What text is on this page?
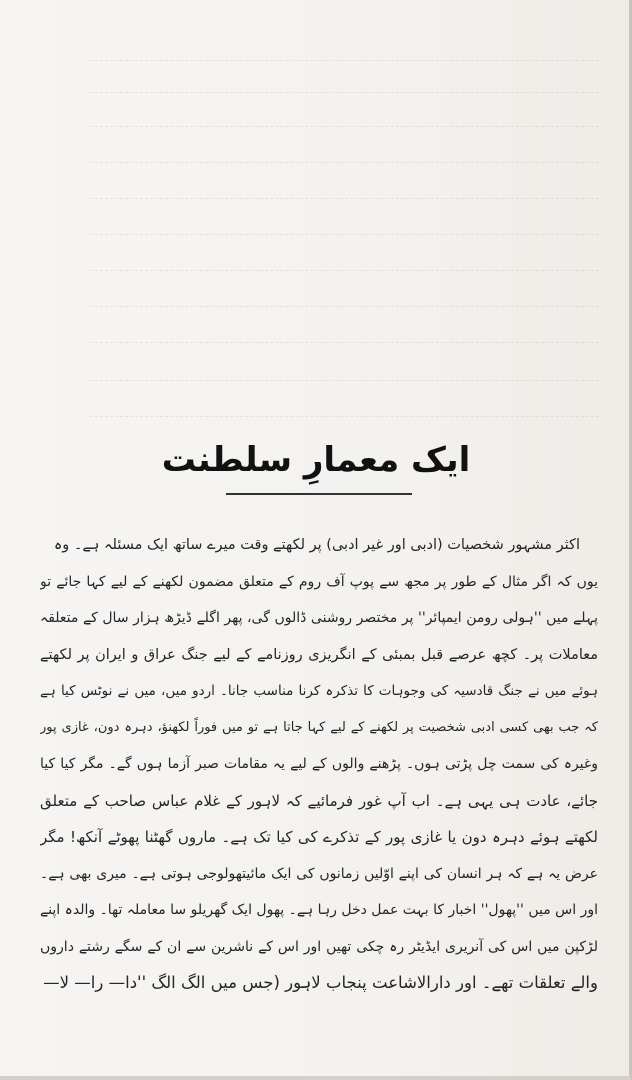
ایک معمارِ سلطنت
اکثر مشہور شخصیات (ادبی اور غیر ادبی) پر لکھتے وقت میرے ساتھ ایک مسئلہ ہے۔ وہ
یوں کہ اگر مثال کے طور پر مجھ سے پوپ آف روم کے متعلق مضمون لکھنے کے لیے کہا جائے تو
پہلے میں ''ہولی رومن ایمپائر'' پر مختصر روشنی ڈالوں گی، پھر اگلے ڈیڑھ ہزار سال کے متعلقہ
معاملات پر۔ کچھ عرصے قبل بمبئی کے انگریزی روزنامے کے لیے جنگ عراق و ایران پر لکھتے
ہوئے میں نے جنگ قادسیہ کی وجوہات کا تذکرہ کرنا مناسب جانا۔ اردو میں، میں نے نوٹس کیا ہے
کہ جب بھی کسی ادبی شخصیت پر لکھنے کے لیے کہا جاتا ہے تو میں فوراً لکھنؤ، دہرہ دون، غازی پور
وغیرہ کی سمت چل پڑتی ہوں۔ پڑھنے والوں کے لیے یہ مقامات صبر آزما ہوں گے۔ مگر کیا کیا
جائے، عادت ہی یہی ہے۔ اب آپ غور فرمائیے کہ لاہور کے غلام عباس صاحب کے متعلق
لکھتے ہوئے دہرہ دون یا غازی پور کے تذکرے کی کیا تک ہے۔ ماروں گھٹنا پھوٹے آنکھ! مگر
عرض یہ ہے کہ ہر انسان کی اپنے اوّلیں زمانوں کی ایک مائیتھولوجی ہوتی ہے۔ میری بھی ہے۔
اور اس میں ''پھول'' اخبار کا بہت عمل دخل رہا ہے۔ پھول ایک گھریلو سا معاملہ تھا۔ والدہ اپنے
لڑکپن میں اس کی آنریری ایڈیٹر رہ چکی تھیں اور اس کے ناشرین سے ان کے سگے رشتے داروں
والے تعلقات تھے۔ اور دارالاشاعت پنجاب لاہور (جس میں الگ الگ ''دا— را— لا—
